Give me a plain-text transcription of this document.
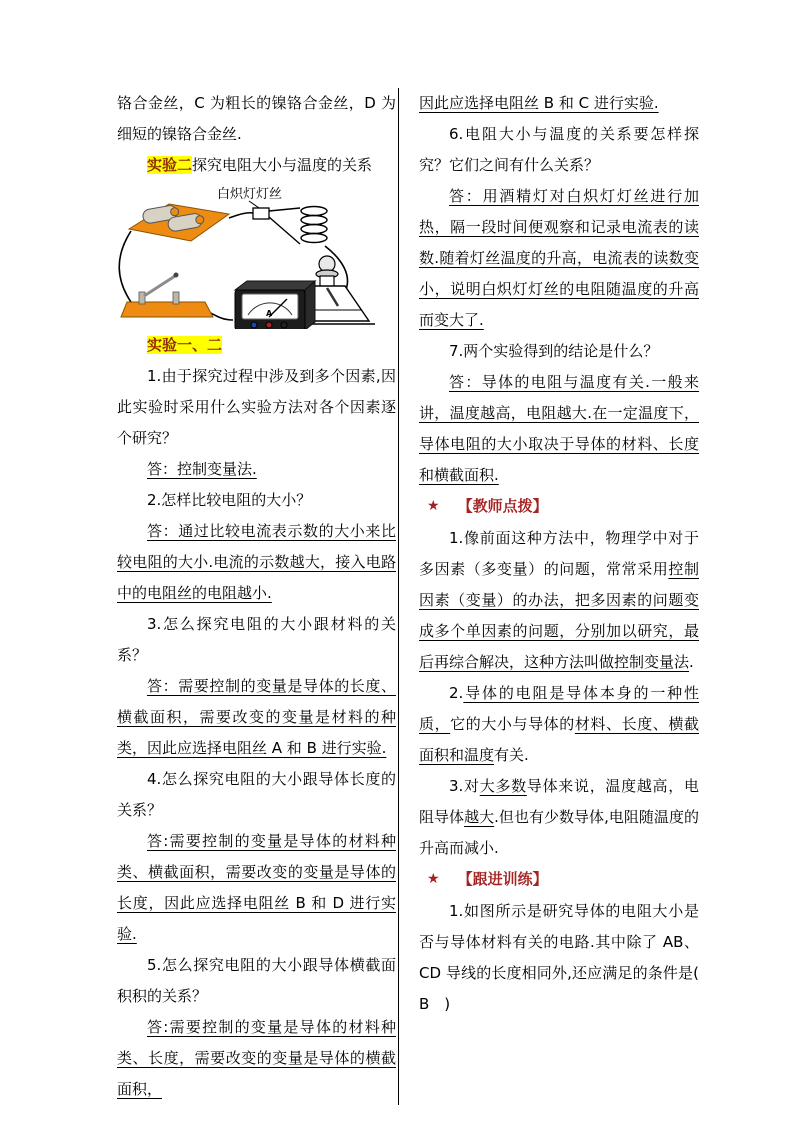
铬合金丝，C 为粗长的镍铬合金丝，D 为细短的镍铬合金丝.

实验二探究电阻大小与温度的关系

白炽灯灯丝
A

实验一、二

1.由于探究过程中涉及到多个因素,因此实验时采用什么实验方法对各个因素逐个研究？

答：控制变量法.

2.怎样比较电阻的大小？

答：通过比较电流表示数的大小来比较电阻的大小.电流的示数越大，接入电路中的电阻丝的电阻越小.

3.怎么探究电阻的大小跟材料的关系？

答：需要控制的变量是导体的长度、横截面积，需要改变的变量是材料的种类，因此应选择电阻丝 A 和 B 进行实验.

4.怎么探究电阻的大小跟导体长度的关系？

答:需要控制的变量是导体的材料种类、横截面积，需要改变的变量是导体的长度，因此应选择电阻丝 B 和 D 进行实验.

5.怎么探究电阻的大小跟导体横截面积积的关系？

答:需要控制的变量是导体的材料种类、长度，需要改变的变量是导体的横截面积，

因此应选择电阻丝 B 和 C 进行实验.

6.电阻大小与温度的关系要怎样探究？它们之间有什么关系？

答：用酒精灯对白炽灯灯丝进行加热，隔一段时间便观察和记录电流表的读数.随着灯丝温度的升高，电流表的读数变小，说明白炽灯灯丝的电阻随温度的升高而变大了.

7.两个实验得到的结论是什么？

答：导体的电阻与温度有关.一般来讲，温度越高，电阻越大.在一定温度下，导体电阻的大小取决于导体的材料、长度和横截面积.

★ 【教师点拨】

1.像前面这种方法中，物理学中对于多因素（多变量）的问题，常常采用控制因素（变量）的办法，把多因素的问题变成多个单因素的问题，分别加以研究，最后再综合解决，这种方法叫做控制变量法.

2.导体的电阻是导体本身的一种性质，它的大小与导体的材料、长度、横截面积和温度有关.

3.对大多数导体来说，温度越高，电阻导体越大.但也有少数导体,电阻随温度的升高而减小.

★ 【跟进训练】

1.如图所示是研究导体的电阻大小是否与导体材料有关的电路.其中除了 AB、CD 导线的长度相同外,还应满足的条件是(　B　)
